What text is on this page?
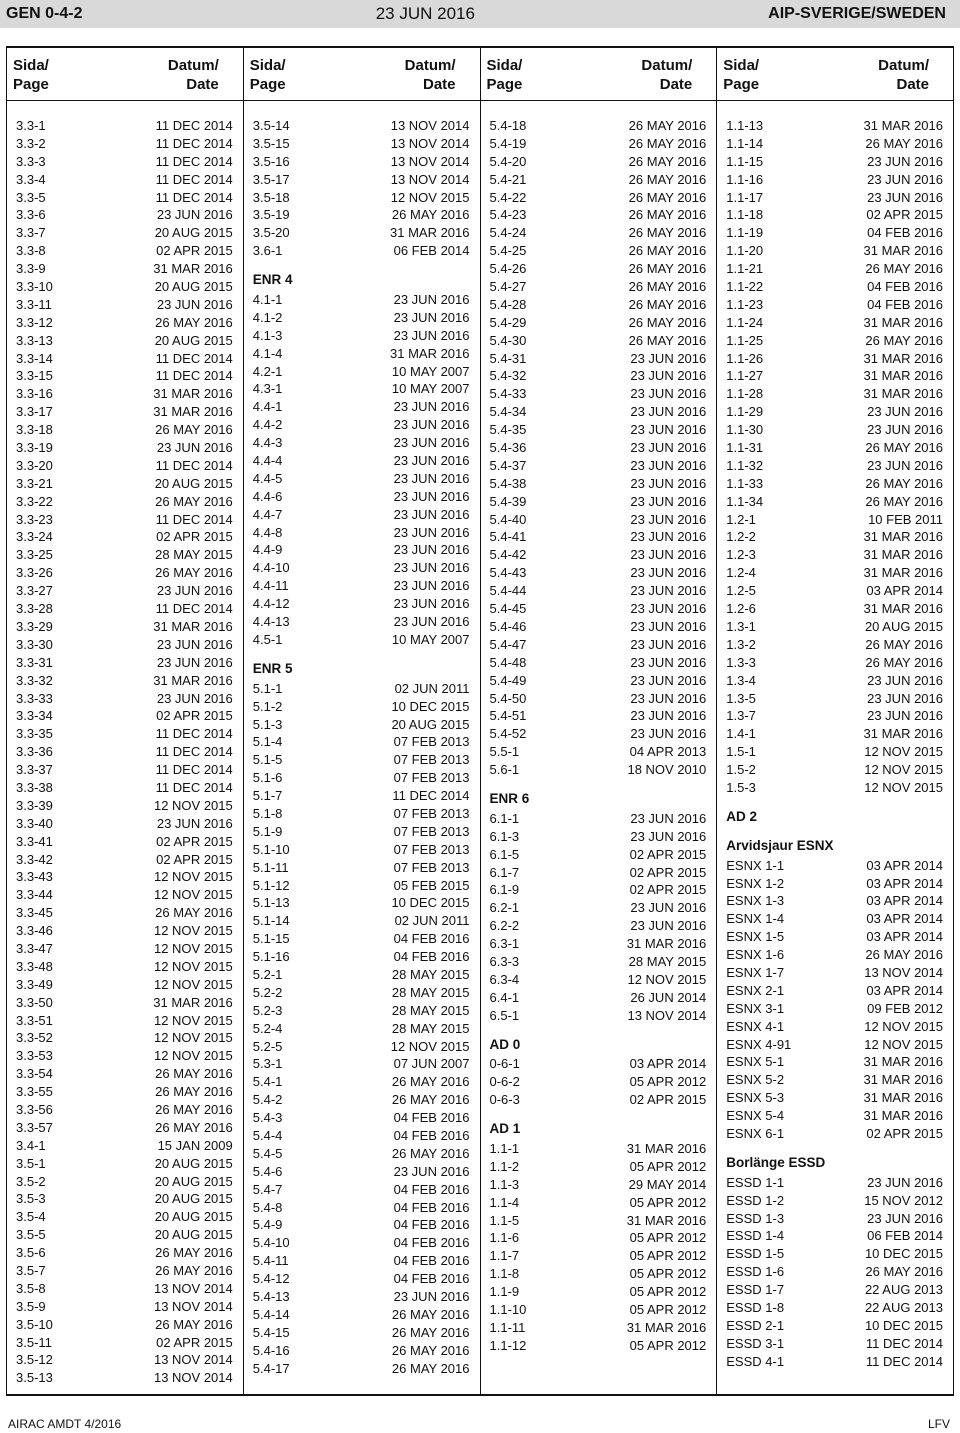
GEN 0-4-2	23 JUN 2016	AIP-SVERIGE/SWEDEN
Sida/
Page
Datum/
Date
3.3-1	11 DEC 2014
3.3-2	11 DEC 2014
3.3-3	11 DEC 2014
3.3-4	11 DEC 2014
3.3-5	11 DEC 2014
3.3-6	23 JUN 2016
3.3-7	20 AUG 2015
3.3-8	02 APR 2015
3.3-9	31 MAR 2016
3.3-10	20 AUG 2015
3.3-11	23 JUN 2016
3.3-12	26 MAY 2016
3.3-13	20 AUG 2015
3.3-14	11 DEC 2014
3.3-15	11 DEC 2014
3.3-16	31 MAR 2016
3.3-17	31 MAR 2016
3.3-18	26 MAY 2016
3.3-19	23 JUN 2016
3.3-20	11 DEC 2014
3.3-21	20 AUG 2015
3.3-22	26 MAY 2016
3.3-23	11 DEC 2014
3.3-24	02 APR 2015
3.3-25	28 MAY 2015
3.3-26	26 MAY 2016
3.3-27	23 JUN 2016
3.3-28	11 DEC 2014
3.3-29	31 MAR 2016
3.3-30	23 JUN 2016
3.3-31	23 JUN 2016
3.3-32	31 MAR 2016
3.3-33	23 JUN 2016
3.3-34	02 APR 2015
3.3-35	11 DEC 2014
3.3-36	11 DEC 2014
3.3-37	11 DEC 2014
3.3-38	11 DEC 2014
3.3-39	12 NOV 2015
3.3-40	23 JUN 2016
3.3-41	02 APR 2015
3.3-42	02 APR 2015
3.3-43	12 NOV 2015
3.3-44	12 NOV 2015
3.3-45	26 MAY 2016
3.3-46	12 NOV 2015
3.3-47	12 NOV 2015
3.3-48	12 NOV 2015
3.3-49	12 NOV 2015
3.3-50	31 MAR 2016
3.3-51	12 NOV 2015
3.3-52	12 NOV 2015
3.3-53	12 NOV 2015
3.3-54	26 MAY 2016
3.3-55	26 MAY 2016
3.3-56	26 MAY 2016
3.3-57	26 MAY 2016
3.4-1	15 JAN 2009
3.5-1	20 AUG 2015
3.5-2	20 AUG 2015
3.5-3	20 AUG 2015
3.5-4	20 AUG 2015
3.5-5	20 AUG 2015
3.5-6	26 MAY 2016
3.5-7	26 MAY 2016
3.5-8	13 NOV 2014
3.5-9	13 NOV 2014
3.5-10	26 MAY 2016
3.5-11	02 APR 2015
3.5-12	13 NOV 2014
3.5-13	13 NOV 2014
Sida/
Page
Datum/
Date
3.5-14	13 NOV 2014
3.5-15	13 NOV 2014
3.5-16	13 NOV 2014
3.5-17	13 NOV 2014
3.5-18	12 NOV 2015
3.5-19	26 MAY 2016
3.5-20	31 MAR 2016
3.6-1	06 FEB 2014
ENR 4
4.1-1	23 JUN 2016
4.1-2	23 JUN 2016
4.1-3	23 JUN 2016
4.1-4	31 MAR 2016
4.2-1	10 MAY 2007
4.3-1	10 MAY 2007
4.4-1	23 JUN 2016
4.4-2	23 JUN 2016
4.4-3	23 JUN 2016
4.4-4	23 JUN 2016
4.4-5	23 JUN 2016
4.4-6	23 JUN 2016
4.4-7	23 JUN 2016
4.4-8	23 JUN 2016
4.4-9	23 JUN 2016
4.4-10	23 JUN 2016
4.4-11	23 JUN 2016
4.4-12	23 JUN 2016
4.4-13	23 JUN 2016
4.5-1	10 MAY 2007
ENR 5
5.1-1	02 JUN 2011
5.1-2	10 DEC 2015
5.1-3	20 AUG 2015
5.1-4	07 FEB 2013
5.1-5	07 FEB 2013
5.1-6	07 FEB 2013
5.1-7	11 DEC 2014
5.1-8	07 FEB 2013
5.1-9	07 FEB 2013
5.1-10	07 FEB 2013
5.1-11	07 FEB 2013
5.1-12	05 FEB 2015
5.1-13	10 DEC 2015
5.1-14	02 JUN 2011
5.1-15	04 FEB 2016
5.1-16	04 FEB 2016
5.2-1	28 MAY 2015
5.2-2	28 MAY 2015
5.2-3	28 MAY 2015
5.2-4	28 MAY 2015
5.2-5	12 NOV 2015
5.3-1	07 JUN 2007
5.4-1	26 MAY 2016
5.4-2	26 MAY 2016
5.4-3	04 FEB 2016
5.4-4	04 FEB 2016
5.4-5	26 MAY 2016
5.4-6	23 JUN 2016
5.4-7	04 FEB 2016
5.4-8	04 FEB 2016
5.4-9	04 FEB 2016
5.4-10	04 FEB 2016
5.4-11	04 FEB 2016
5.4-12	04 FEB 2016
5.4-13	23 JUN 2016
5.4-14	26 MAY 2016
5.4-15	26 MAY 2016
5.4-16	26 MAY 2016
5.4-17	26 MAY 2016
Sida/
Page
Datum/
Date
5.4-18	26 MAY 2016
5.4-19	26 MAY 2016
5.4-20	26 MAY 2016
5.4-21	26 MAY 2016
5.4-22	26 MAY 2016
5.4-23	26 MAY 2016
5.4-24	26 MAY 2016
5.4-25	26 MAY 2016
5.4-26	26 MAY 2016
5.4-27	26 MAY 2016
5.4-28	26 MAY 2016
5.4-29	26 MAY 2016
5.4-30	26 MAY 2016
5.4-31	23 JUN 2016
5.4-32	23 JUN 2016
5.4-33	23 JUN 2016
5.4-34	23 JUN 2016
5.4-35	23 JUN 2016
5.4-36	23 JUN 2016
5.4-37	23 JUN 2016
5.4-38	23 JUN 2016
5.4-39	23 JUN 2016
5.4-40	23 JUN 2016
5.4-41	23 JUN 2016
5.4-42	23 JUN 2016
5.4-43	23 JUN 2016
5.4-44	23 JUN 2016
5.4-45	23 JUN 2016
5.4-46	23 JUN 2016
5.4-47	23 JUN 2016
5.4-48	23 JUN 2016
5.4-49	23 JUN 2016
5.4-50	23 JUN 2016
5.4-51	23 JUN 2016
5.4-52	23 JUN 2016
5.5-1	04 APR 2013
5.6-1	18 NOV 2010
ENR 6
6.1-1	23 JUN 2016
6.1-3	23 JUN 2016
6.1-5	02 APR 2015
6.1-7	02 APR 2015
6.1-9	02 APR 2015
6.2-1	23 JUN 2016
6.2-2	23 JUN 2016
6.3-1	31 MAR 2016
6.3-3	28 MAY 2015
6.3-4	12 NOV 2015
6.4-1	26 JUN 2014
6.5-1	13 NOV 2014
AD 0
0-6-1	03 APR 2014
0-6-2	05 APR 2012
0-6-3	02 APR 2015
AD 1
1.1-1	31 MAR 2016
1.1-2	05 APR 2012
1.1-3	29 MAY 2014
1.1-4	05 APR 2012
1.1-5	31 MAR 2016
1.1-6	05 APR 2012
1.1-7	05 APR 2012
1.1-8	05 APR 2012
1.1-9	05 APR 2012
1.1-10	05 APR 2012
1.1-11	31 MAR 2016
1.1-12	05 APR 2012
Sida/
Page
Datum/
Date
1.1-13	31 MAR 2016
1.1-14	26 MAY 2016
1.1-15	23 JUN 2016
1.1-16	23 JUN 2016
1.1-17	23 JUN 2016
1.1-18	02 APR 2015
1.1-19	04 FEB 2016
1.1-20	31 MAR 2016
1.1-21	26 MAY 2016
1.1-22	04 FEB 2016
1.1-23	04 FEB 2016
1.1-24	31 MAR 2016
1.1-25	26 MAY 2016
1.1-26	31 MAR 2016
1.1-27	31 MAR 2016
1.1-28	31 MAR 2016
1.1-29	23 JUN 2016
1.1-30	23 JUN 2016
1.1-31	26 MAY 2016
1.1-32	23 JUN 2016
1.1-33	26 MAY 2016
1.1-34	26 MAY 2016
1.2-1	10 FEB 2011
1.2-2	31 MAR 2016
1.2-3	31 MAR 2016
1.2-4	31 MAR 2016
1.2-5	03 APR 2014
1.2-6	31 MAR 2016
1.3-1	20 AUG 2015
1.3-2	26 MAY 2016
1.3-3	26 MAY 2016
1.3-4	23 JUN 2016
1.3-5	23 JUN 2016
1.3-7	23 JUN 2016
1.4-1	31 MAR 2016
1.5-1	12 NOV 2015
1.5-2	12 NOV 2015
1.5-3	12 NOV 2015
AD 2
Arvidsjaur ESNX
ESNX 1-1	03 APR 2014
ESNX 1-2	03 APR 2014
ESNX 1-3	03 APR 2014
ESNX 1-4	03 APR 2014
ESNX 1-5	03 APR 2014
ESNX 1-6	26 MAY 2016
ESNX 1-7	13 NOV 2014
ESNX 2-1	03 APR 2014
ESNX 3-1	09 FEB 2012
ESNX 4-1	12 NOV 2015
ESNX 4-91	12 NOV 2015
ESNX 5-1	31 MAR 2016
ESNX 5-2	31 MAR 2016
ESNX 5-3	31 MAR 2016
ESNX 5-4	31 MAR 2016
ESNX 6-1	02 APR 2015
Borlänge ESSD
ESSD 1-1	23 JUN 2016
ESSD 1-2	15 NOV 2012
ESSD 1-3	23 JUN 2016
ESSD 1-4	06 FEB 2014
ESSD 1-5	10 DEC 2015
ESSD 1-6	26 MAY 2016
ESSD 1-7	22 AUG 2013
ESSD 1-8	22 AUG 2013
ESSD 2-1	10 DEC 2015
ESSD 3-1	11 DEC 2014
ESSD 4-1	11 DEC 2014
AIRAC AMDT 4/2016	LFV
